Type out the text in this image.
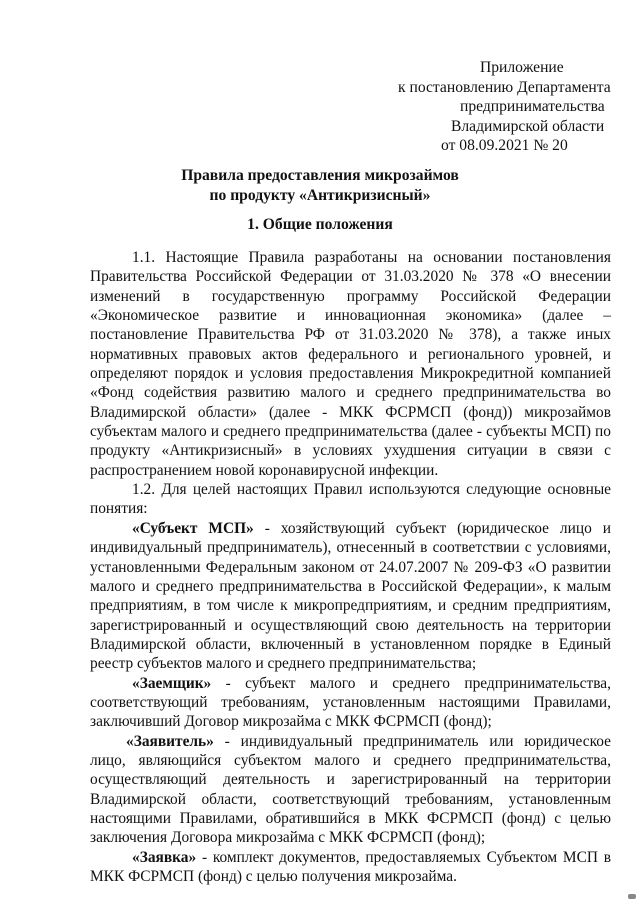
Приложение
к постановлению Департамента
предпринимательства
Владимирской области
от 08.09.2021 № 20
Правила предоставления микрозаймов
по продукту «Антикризисный»
1. Общие положения

1.1. Настоящие Правила разработаны на основании постановления Правительства Российской Федерации от 31.03.2020 № 378 «О внесении изменений в государственную программу Российской Федерации «Экономическое развитие и инновационная экономика» (далее – постановление Правительства РФ от 31.03.2020 № 378), а также иных нормативных правовых актов федерального и регионального уровней, и определяют порядок и условия предоставления Микрокредитной компанией «Фонд содействия развитию малого и среднего предпринимательства во Владимирской области» (далее - МКК ФСРМСП (фонд)) микрозаймов субъектам малого и среднего предпринимательства (далее - субъекты МСП) по продукту «Антикризисный» в условиях ухудшения ситуации в связи с распространением новой коронавирусной инфекции.

1.2. Для целей настоящих Правил используются следующие основные понятия:

«Субъект МСП» - хозяйствующий субъект (юридическое лицо и индивидуальный предприниматель), отнесенный в соответствии с условиями, установленными Федеральным законом от 24.07.2007 № 209-ФЗ «О развитии малого и среднего предпринимательства в Российской Федерации», к малым предприятиям, в том числе к микропредприятиям, и средним предприятиям, зарегистрированный и осуществляющий свою деятельность на территории Владимирской области, включенный в установленном порядке в Единый реестр субъектов малого и среднего предпринимательства;

«Заемщик» - субъект малого и среднего предпринимательства, соответствующий требованиям, установленным настоящими Правилами, заключивший Договор микрозайма с МКК ФСРМСП (фонд);

«Заявитель» - индивидуальный предприниматель или юридическое лицо, являющийся субъектом малого и среднего предпринимательства, осуществляющий деятельность и зарегистрированный на территории Владимирской области, соответствующий требованиям, установленным настоящими Правилами, обратившийся в МКК ФСРМСП (фонд) с целью заключения Договора микрозайма с МКК ФСРМСП (фонд);

«Заявка» - комплект документов, предоставляемых Субъектом МСП в МКК ФСРМСП (фонд) с целью получения микрозайма.
